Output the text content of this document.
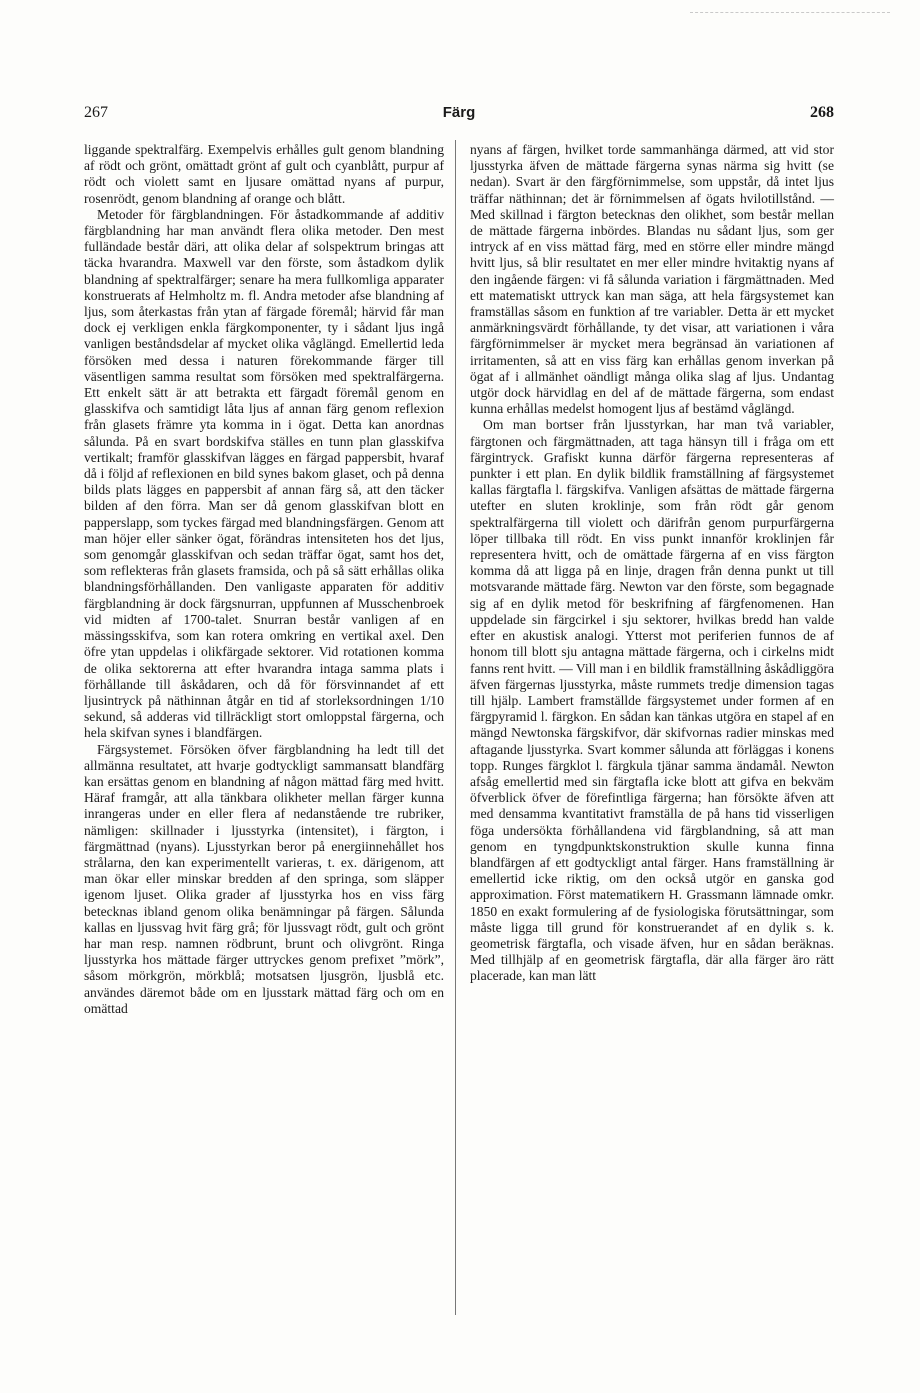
267	Färg	268

liggande spektralfärg. Exempelvis erhålles gult genom blandning af rödt och grönt, omättadt grönt af gult och cyanblått, purpur af rödt och violett samt en ljusare omättad nyans af purpur, rosenrödt, genom blandning af orange och blått.

Metoder för färgblandningen. För åstadkommande af additiv färgblandning har man användt flera olika metoder. Den mest fulländade består däri, att olika delar af solspektrum bringas att täcka hvarandra. Maxwell var den förste, som åstadkom dylik blandning af spektralfärger; senare ha mera fullkomliga apparater konstruerats af Helmholtz m. fl. Andra metoder afse blandning af ljus, som återkastas från ytan af färgade föremål; härvid får man dock ej verkligen enkla färgkomponenter, ty i sådant ljus ingå vanligen beståndsdelar af mycket olika våglängd. Emellertid leda försöken med dessa i naturen förekommande färger till väsentligen samma resultat som försöken med spektralfärgerna. Ett enkelt sätt är att betrakta ett färgadt föremål genom en glasskifva och samtidigt låta ljus af annan färg genom reflexion från glasets främre yta komma in i ögat. Detta kan anordnas sålunda. På en svart bordskifva ställes en tunn plan glasskifva vertikalt; framför glasskifvan lägges en färgad pappersbit, hvaraf då i följd af reflexionen en bild synes bakom glaset, och på denna bilds plats lägges en pappersbit af annan färg så, att den täcker bilden af den förra. Man ser då genom glasskifvan blott en papperslapp, som tyckes färgad med blandningsfärgen. Genom att man höjer eller sänker ögat, förändras intensiteten hos det ljus, som genomgår glasskifvan och sedan träffar ögat, samt hos det, som reflekteras från glasets framsida, och på så sätt erhållas olika blandningsförhållanden. Den vanligaste apparaten för additiv färgblandning är dock färgsnurran, uppfunnen af Musschenbroek vid midten af 1700-talet. Snurran består vanligen af en mässingsskifva, som kan rotera omkring en vertikal axel. Den öfre ytan uppdelas i olikfärgade sektorer. Vid rotationen komma de olika sektorerna att efter hvarandra intaga samma plats i förhållande till åskådaren, och då för försvinnandet af ett ljusintryck på näthinnan åtgår en tid af storleksordningen 1/10 sekund, så adderas vid tillräckligt stort omloppstal färgerna, och hela skifvan synes i blandfärgen.

Färgsystemet. Försöken öfver färgblandning ha ledt till det allmänna resultatet, att hvarje godtyckligt sammansatt blandfärg kan ersättas genom en blandning af någon mättad färg med hvitt. Häraf framgår, att alla tänkbara olikheter mellan färger kunna inrangeras under en eller flera af nedanstående tre rubriker, nämligen: skillnader i ljusstyrka (intensitet), i färgton, i färgmättnad (nyans). Ljusstyrkan beror på energiinnehållet hos strålarna, den kan experimentellt varieras, t. ex. därigenom, att man ökar eller minskar bredden af den springa, som släpper igenom ljuset. Olika grader af ljusstyrka hos en viss färg betecknas ibland genom olika benämningar på färgen. Sålunda kallas en ljussvag hvit färg grå; för ljussvagt rödt, gult och grönt har man resp. namnen rödbrunt, brunt och olivgrönt. Ringa ljusstyrka hos mättade färger uttryckes genom prefixet ”mörk”, såsom mörkgrön, mörkblå; motsatsen ljusgrön, ljusblå etc. användes däremot både om en ljusstark mättad färg och om en omättad

nyans af färgen, hvilket torde sammanhänga därmed, att vid stor ljusstyrka äfven de mättade färgerna synas närma sig hvitt (se nedan). Svart är den färgförnimmelse, som uppstår, då intet ljus träffar näthinnan; det är förnimmelsen af ögats hvilotillstånd. — Med skillnad i färgton betecknas den olikhet, som består mellan de mättade färgerna inbördes. Blandas nu sådant ljus, som ger intryck af en viss mättad färg, med en större eller mindre mängd hvitt ljus, så blir resultatet en mer eller mindre hvitaktig nyans af den ingående färgen: vi få sålunda variation i färgmättnaden. Med ett matematiskt uttryck kan man säga, att hela färgsystemet kan framställas såsom en funktion af tre variabler. Detta är ett mycket anmärkningsvärdt förhållande, ty det visar, att variationen i våra färgförnimmelser är mycket mera begränsad än variationen af irritamenten, så att en viss färg kan erhållas genom inverkan på ögat af i allmänhet oändligt många olika slag af ljus. Undantag utgör dock härvidlag en del af de mättade färgerna, som endast kunna erhållas medelst homogent ljus af bestämd våglängd.

Om man bortser från ljusstyrkan, har man två variabler, färgtonen och färgmättnaden, att taga hänsyn till i fråga om ett färgintryck. Grafiskt kunna därför färgerna representeras af punkter i ett plan. En dylik bildlik framställning af färgsystemet kallas färgtafla l. färgskifva. Vanligen afsättas de mättade färgerna utefter en sluten kroklinje, som från rödt går genom spektralfärgerna till violett och därifrån genom purpurfärgerna löper tillbaka till rödt. En viss punkt innanför kroklinjen får representera hvitt, och de omättade färgerna af en viss färgton komma då att ligga på en linje, dragen från denna punkt ut till motsvarande mättade färg. Newton var den förste, som begagnade sig af en dylik metod för beskrifning af färgfenomenen. Han uppdelade sin färgcirkel i sju sektorer, hvilkas bredd han valde efter en akustisk analogi. Ytterst mot periferien funnos de af honom till blott sju antagna mättade färgerna, och i cirkelns midt fanns rent hvitt. — Vill man i en bildlik framställning åskådliggöra äfven färgernas ljusstyrka, måste rummets tredje dimension tagas till hjälp. Lambert framställde färgsystemet under formen af en färgpyramid l. färgkon. En sådan kan tänkas utgöra en stapel af en mängd Newtonska färgskifvor, där skifvornas radier minskas med aftagande ljusstyrka. Svart kommer sålunda att förläggas i konens topp. Runges färgklot l. färgkula tjänar samma ändamål. Newton afsåg emellertid med sin färgtafla icke blott att gifva en bekväm öfverblick öfver de förefintliga färgerna; han försökte äfven att med densamma kvantitativt framställa de på hans tid visserligen föga undersökta förhållandena vid färgblandning, så att man genom en tyngdpunktskonstruktion skulle kunna finna blandfärgen af ett godtyckligt antal färger. Hans framställning är emellertid icke riktig, om den också utgör en ganska god approximation. Först matematikern H. Grassmann lämnade omkr. 1850 en exakt formulering af de fysiologiska förutsättningar, som måste ligga till grund för konstruerandet af en dylik s. k. geometrisk färgtafla, och visade äfven, hur en sådan beräknas. Med tillhjälp af en geometrisk färgtafla, där alla färger äro rätt placerade, kan man lätt
